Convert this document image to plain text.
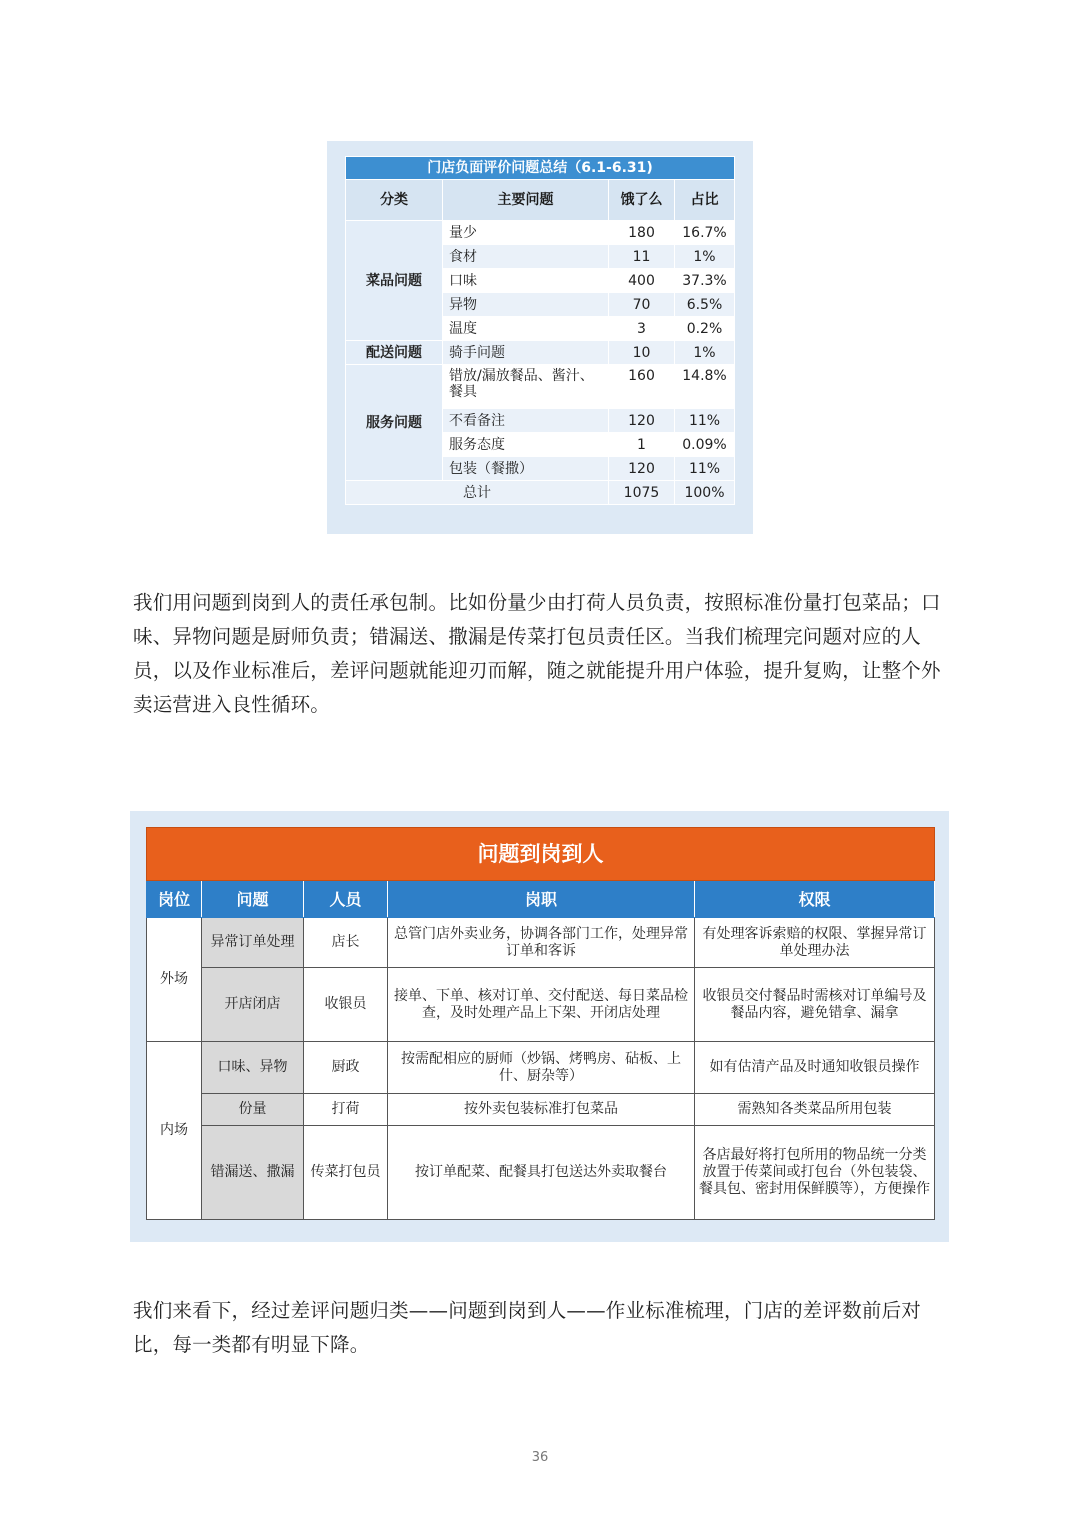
门店负面评价问题总结（6.1-6.31)			
分类	主要问题	饿了么	占比
菜品问题	量少	180	16.7%
	食材	11	1%
	口味	400	37.3%
	异物	70	6.5%
	温度	3	0.2%
配送问题	骑手问题	10	1%
服务问题	错放/漏放餐品、酱汁、餐具	160	14.8%
	不看备注	120	11%
	服务态度	1	0.09%
	包装（餐撒）	120	11%
总计		1075	100%

我们用问题到岗到人的责任承包制。比如份量少由打荷人员负责，按照标准份量打包菜品；口味、异物问题是厨师负责；错漏送、撒漏是传菜打包员责任区。当我们梳理完问题对应的人员，以及作业标准后，差评问题就能迎刃而解，随之就能提升用户体验，提升复购，让整个外卖运营进入良性循环。

问题到岗到人				
岗位	问题	人员	岗职	权限
外场	异常订单处理	店长	总管门店外卖业务，协调各部门工作，处理异常订单和客诉	有处理客诉索赔的权限、掌握异常订单处理办法
	开店闭店	收银员	接单、下单、核对订单、交付配送、每日菜品检查，及时处理产品上下架、开闭店处理	收银员交付餐品时需核对订单编号及餐品内容，避免错拿、漏拿
内场	口味、异物	厨政	按需配相应的厨师（炒锅、烤鸭房、砧板、上什、厨杂等）	如有估清产品及时通知收银员操作
	份量	打荷	按外卖包装标准打包菜品	需熟知各类菜品所用包装
	错漏送、撒漏	传菜打包员	按订单配菜、配餐具打包送达外卖取餐台	各店最好将打包所用的物品统一分类放置于传菜间或打包台（外包装袋、餐具包、密封用保鲜膜等），方便操作

我们来看下，经过差评问题归类——问题到岗到人——作业标准梳理，门店的差评数前后对比，每一类都有明显下降。

36
